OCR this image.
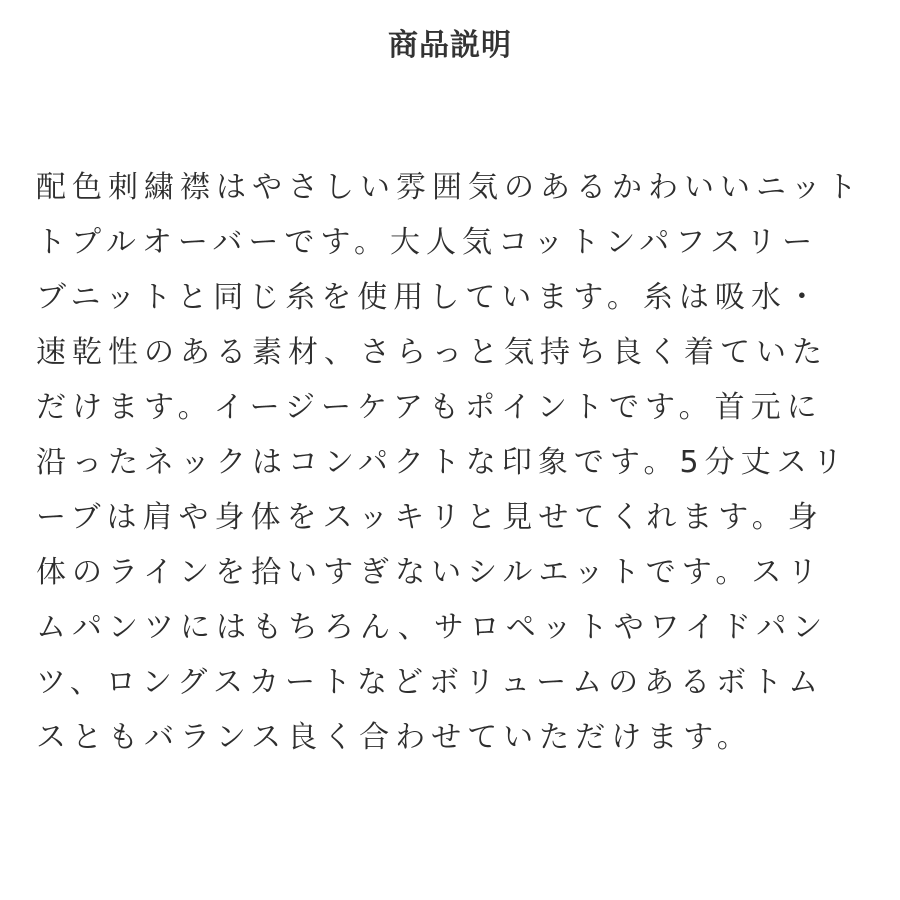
商品説明
配色刺繍襟はやさしい雰囲気のあるかわいいニット
トプルオーバーです。大人気コットンパフスリー
ブニットと同じ糸を使用しています。糸は吸水・
速乾性のある素材、さらっと気持ち良く着ていた
だけます。イージーケアもポイントです。首元に
沿ったネックはコンパクトな印象です。5分丈スリ
ーブは肩や身体をスッキリと見せてくれます。身
体のラインを拾いすぎないシルエットです。スリ
ムパンツにはもちろん、サロペットやワイドパン
ツ、ロングスカートなどボリュームのあるボトム
スともバランス良く合わせていただけます。
